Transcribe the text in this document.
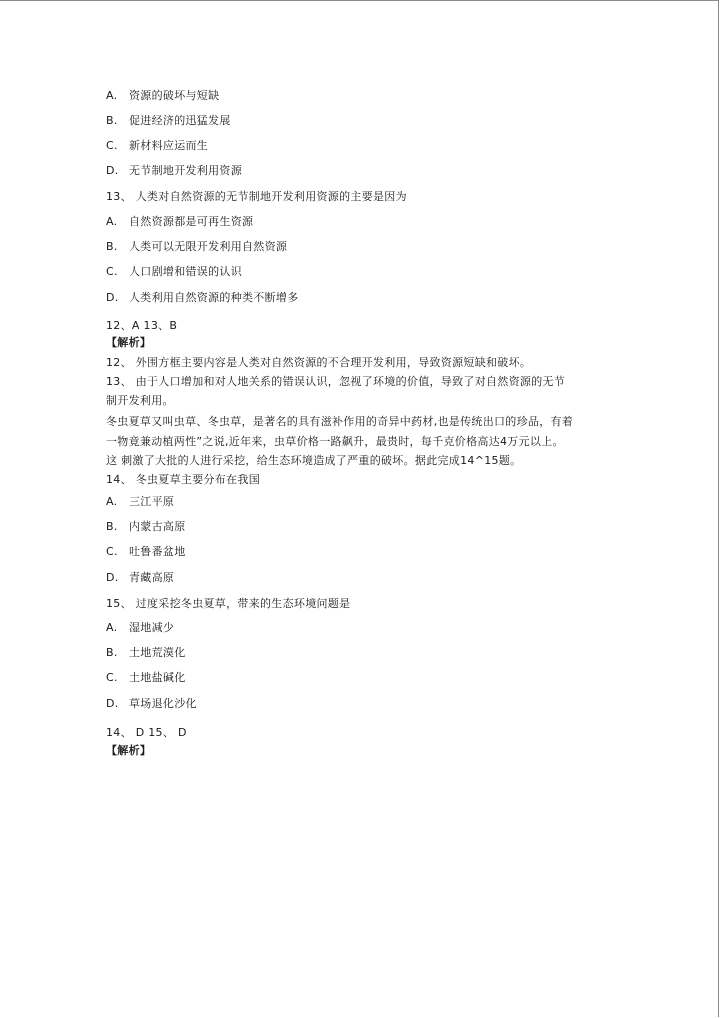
A. 资源的破坏与短缺
B. 促进经济的迅猛发展
C. 新材料应运而生
D. 无节制地开发利用资源
13、 人类对自然资源的无节制地开发利用资源的主要是因为
A. 自然资源都是可再生资源
B. 人类可以无限开发利用自然资源
C. 人口剧增和错误的认识
D. 人类利用自然资源的种类不断增多
12、A 13、B
【解析】
12、 外围方框主要内容是人类对自然资源的不合理开发利用，导致资源短缺和破坏。
13、 由于人口增加和对人地关系的错误认识，忽视了环境的价值，导致了对自然资源的无节
制开发利用。
冬虫夏草又叫虫草、冬虫草，是著名的具有滋补作用的奇异中药材,也是传统出口的珍品，有着
一物竟兼动植两性”之说,近年来，虫草价格一路飙升，最贵时，每千克价格高达4万元以上。
这 刺激了大批的人进行采挖，给生态环境造成了严重的破坏。据此完成14^15题。
14、 冬虫夏草主要分布在我国
A. 三江平原
B. 内蒙古高原
C. 吐鲁番盆地
D. 青藏高原
15、 过度采挖冬虫夏草，带来的生态环境问题是
A. 湿地减少
B. 土地荒漠化
C. 土地盐碱化
D. 草场退化沙化
14、 D 15、 D
【解析】
